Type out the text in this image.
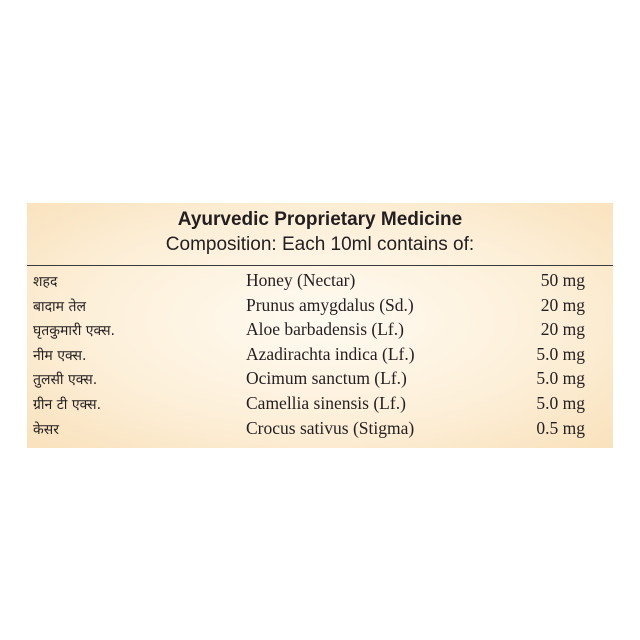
Ayurvedic Proprietary Medicine
Composition: Each 10ml contains of:
शहद	Honey (Nectar)	50 mg
बादाम तेल	Prunus amygdalus (Sd.)	20 mg
घृतकुमारी एक्स.	Aloe barbadensis (Lf.)	20 mg
नीम एक्स.	Azadirachta indica (Lf.)	5.0 mg
तुलसी एक्स.	Ocimum sanctum (Lf.)	5.0 mg
ग्रीन टी एक्स.	Camellia sinensis (Lf.)	5.0 mg
केसर	Crocus sativus (Stigma)	0.5 mg
